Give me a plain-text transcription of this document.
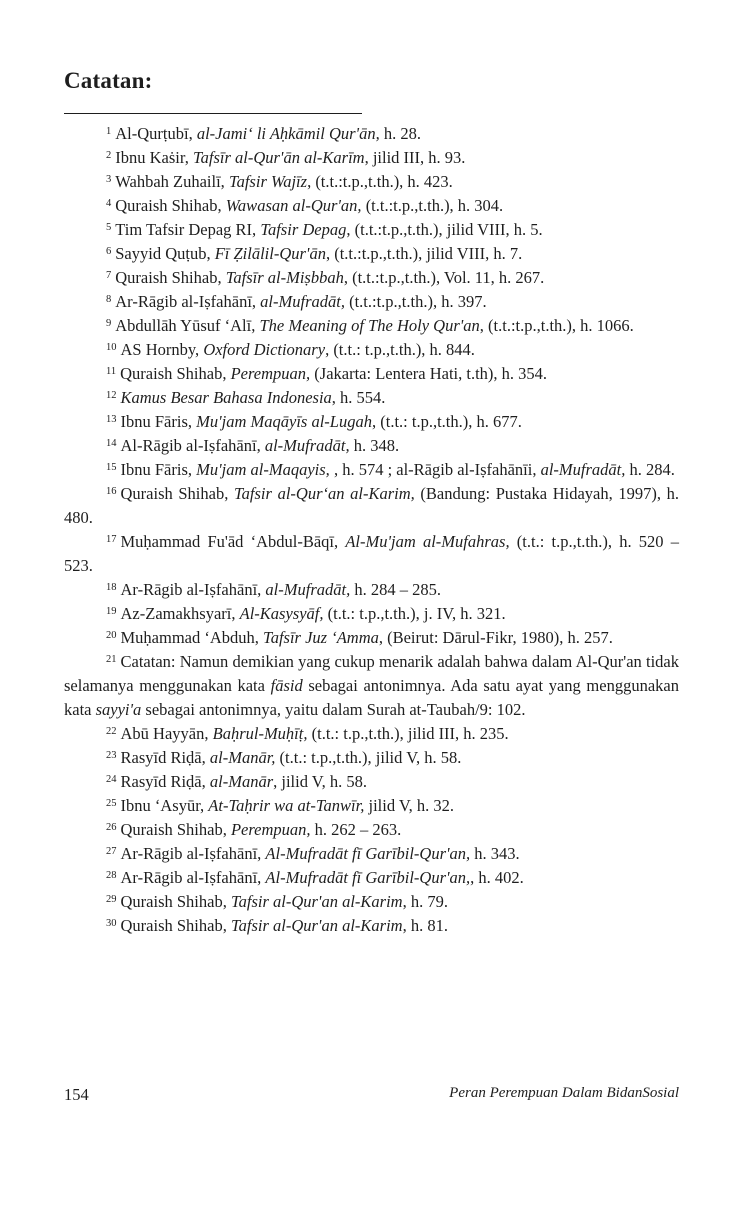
Catatan:
$^1$ Al-Qurṭubī, al-Jami‘ li Aḥkāmil Qur'ān, h. 28.
$^2$ Ibnu Kaṡir, Tafsīr al-Qur'ān al-Karīm, jilid III, h. 93.
$^3$ Wahbah Zuhailī, Tafsir Wajīz, (t.t.:t.p.,t.th.), h. 423.
$^4$ Quraish Shihab, Wawasan al-Qur'an, (t.t.:t.p.,t.th.), h. 304.
$^5$ Tim Tafsir Depag RI, Tafsir Depag, (t.t.:t.p.,t.th.), jilid VIII, h. 5.
$^6$ Sayyid Quṭub, Fī Ẓilālil-Qur'ān, (t.t.:t.p.,t.th.), jilid VIII, h. 7.
$^7$ Quraish Shihab, Tafsīr al-Miṣbbah, (t.t.:t.p.,t.th.), Vol. 11, h. 267.
$^8$ Ar-Rāgib al-Iṣfahānī, al-Mufradāt, (t.t.:t.p.,t.th.), h. 397.
$^9$ Abdullāh Yūsuf ‘Alī, The Meaning of The Holy Qur'an, (t.t.:t.p.,t.th.), h. 1066.
$^{10}$ AS Hornby, Oxford Dictionary, (t.t.: t.p.,t.th.), h. 844.
$^{11}$ Quraish Shihab, Perempuan, (Jakarta: Lentera Hati, t.th), h. 354.
$^{12}$ Kamus Besar Bahasa Indonesia, h. 554.
$^{13}$ Ibnu Fāris, Mu'jam Maqāyīs al-Lugah, (t.t.: t.p.,t.th.), h. 677.
$^{14}$ Al-Rāgib al-Iṣfahānī, al-Mufradāt, h. 348.
$^{15}$ Ibnu Fāris, Mu'jam al-Maqayis, , h. 574 ; al-Rāgib al-Iṣfahānīi, al-Mufradāt, h. 284.
$^{16}$ Quraish Shihab, Tafsir al-Qur‘an al-Karim, (Bandung: Pustaka Hidayah, 1997), h. 480.
$^{17}$ Muḥammad Fu'ād ‘Abdul-Bāqī, Al-Mu'jam al-Mufahras, (t.t.: t.p.,t.th.), h. 520 – 523.
$^{18}$ Ar-Rāgib al-Iṣfahānī, al-Mufradāt, h. 284 – 285.
$^{19}$ Az-Zamakhsyarī, Al-Kasysyāf, (t.t.: t.p.,t.th.), j. IV, h. 321.
$^{20}$ Muḥammad ‘Abduh, Tafsīr Juz ‘Amma, (Beirut: Dārul-Fikr, 1980), h. 257.
$^{21}$ Catatan: Namun demikian yang cukup menarik adalah bahwa dalam Al-Qur'an tidak selamanya menggunakan kata fāsid sebagai antonimnya. Ada satu ayat yang menggunakan kata sayyi'a sebagai antonimnya, yaitu dalam Surah at-Taubah/9: 102.
$^{22}$ Abū Hayyān, Baḥrul-Muḥīṭ, (t.t.: t.p.,t.th.), jilid III, h. 235.
$^{23}$ Rasyīd Riḍā, al-Manār, (t.t.: t.p.,t.th.), jilid V, h. 58.
$^{24}$ Rasyīd Riḍā, al-Manār, jilid V, h. 58.
$^{25}$ Ibnu ‘Asyūr, At-Taḥrir wa at-Tanwīr, jilid V, h. 32.
$^{26}$ Quraish Shihab, Perempuan, h. 262 – 263.
$^{27}$ Ar-Rāgib al-Iṣfahānī, Al-Mufradāt fī Garībil-Qur'an, h. 343.
$^{28}$ Ar-Rāgib al-Iṣfahānī, Al-Mufradāt fī Garībil-Qur'an,, h. 402.
$^{29}$ Quraish Shihab, Tafsir al-Qur'an al-Karim, h. 79.
$^{30}$ Quraish Shihab, Tafsir al-Qur'an al-Karim, h. 81.
154	Peran Perempuan Dalam BidanSosial
